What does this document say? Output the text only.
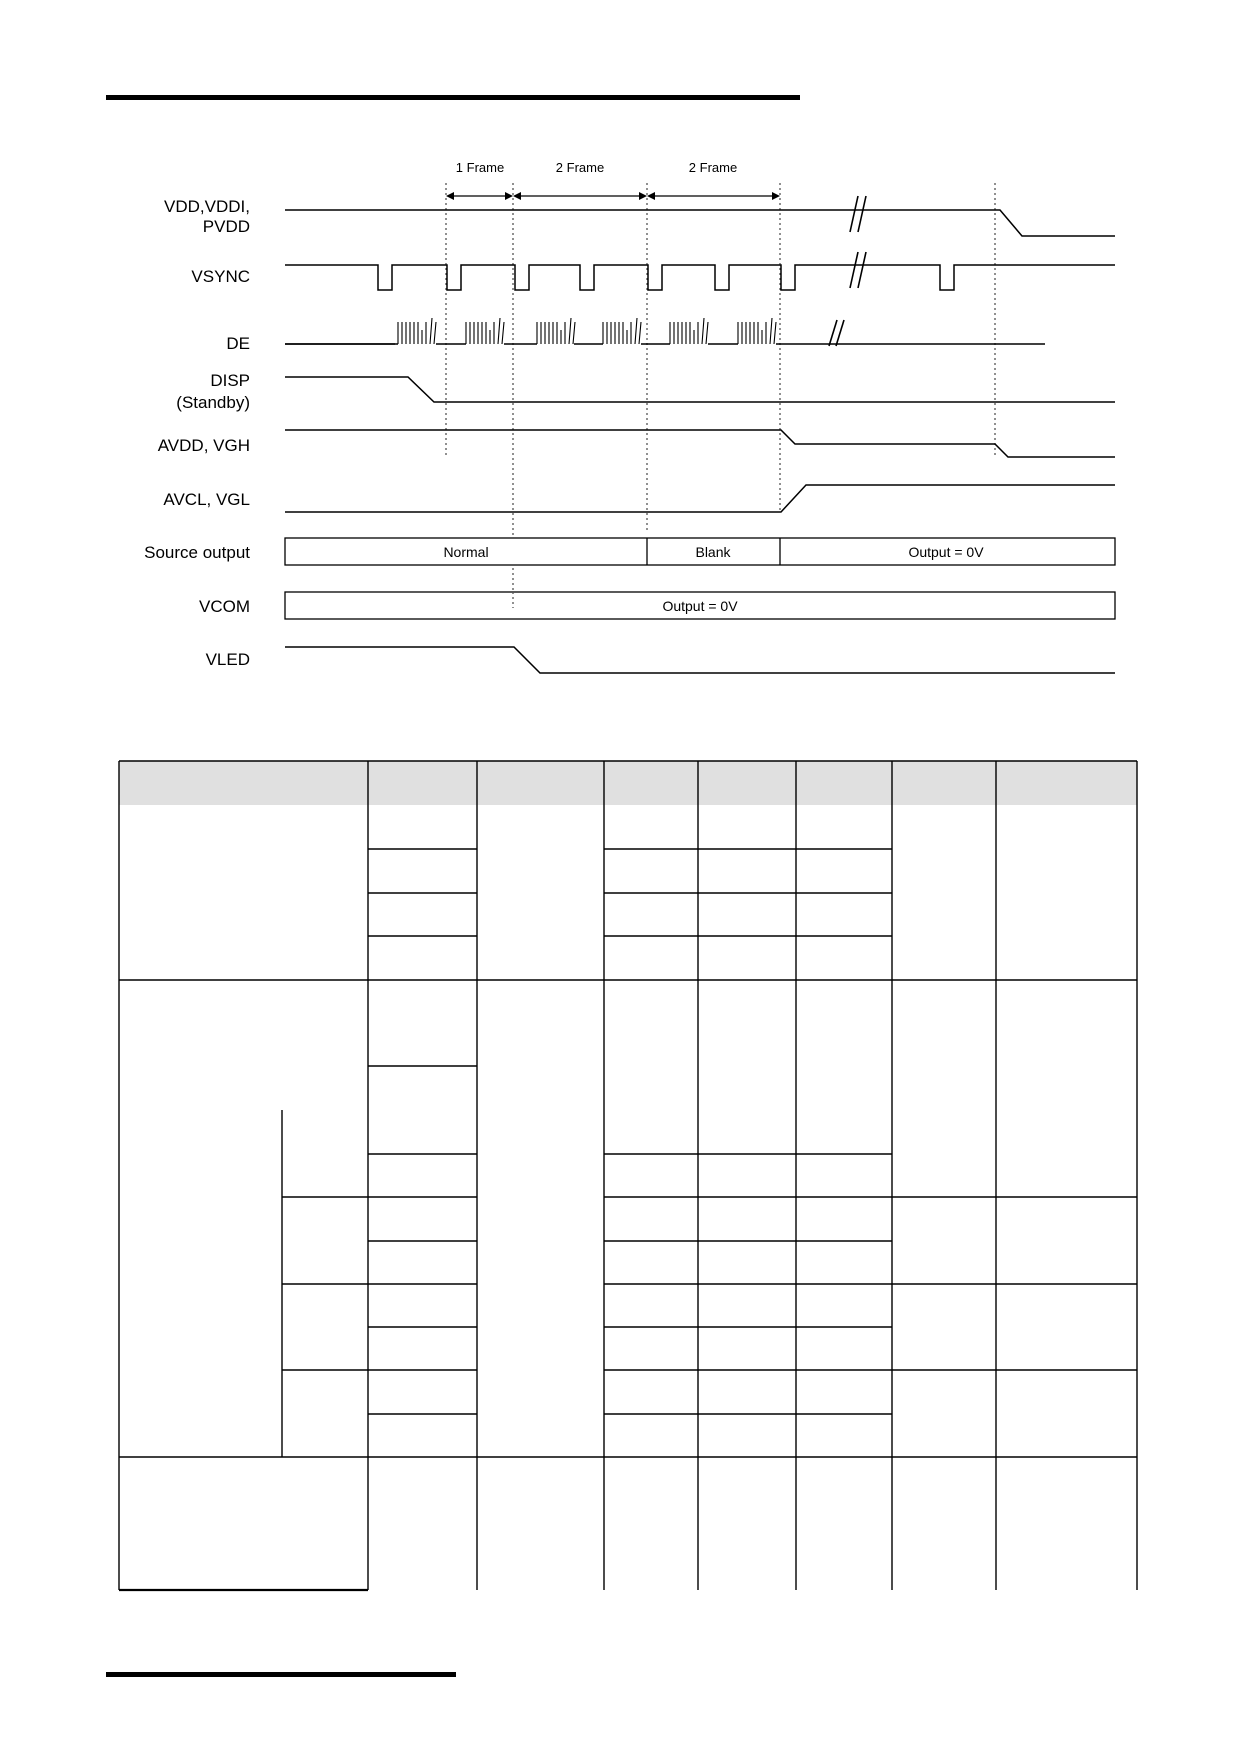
1 Frame	2 Frame	2 Frame
VDD,VDDI,
PVDD
VSYNC
DE
DISP
(Standby)
AVDD, VGH
AVCL, VGL
Source output
VCOM
VLED
Normal	Blank	Output = 0V
Output = 0V
